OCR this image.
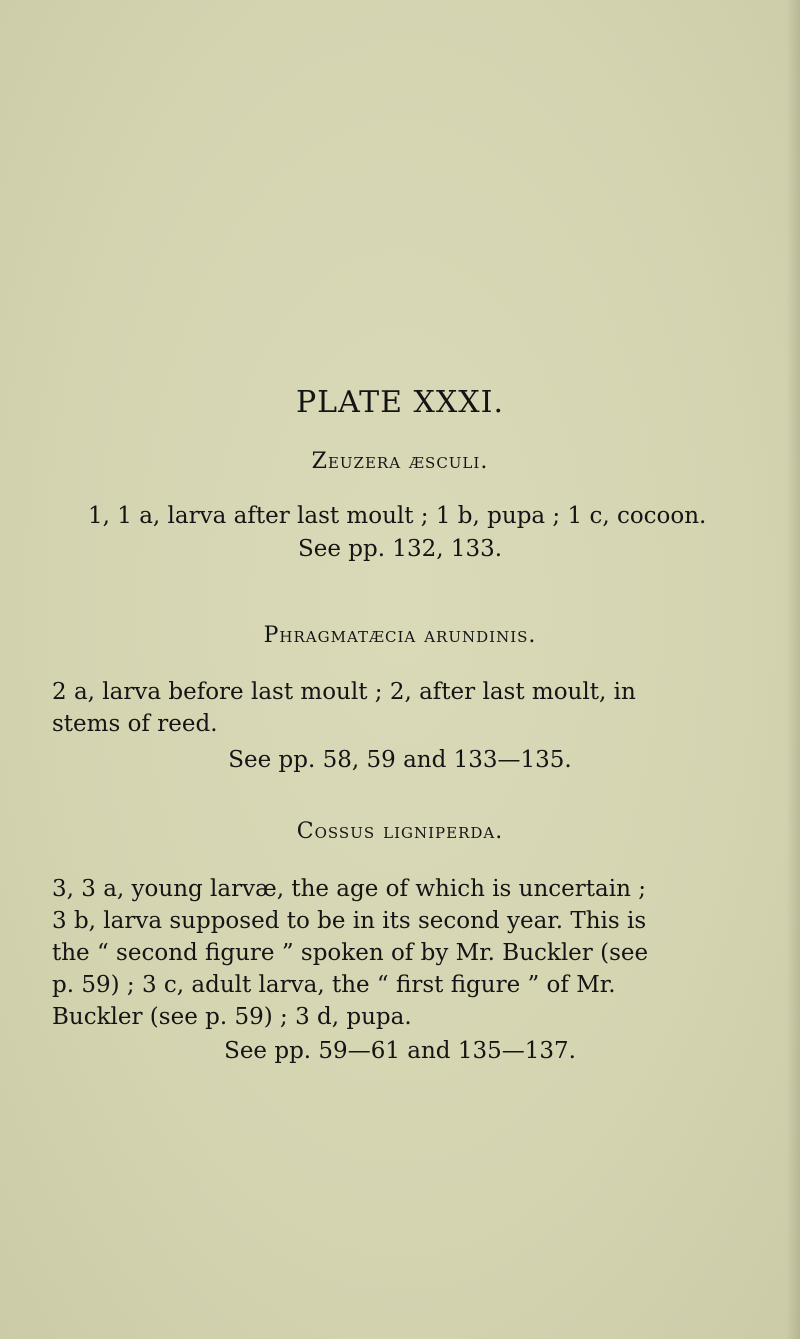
PLATE XXXI.
Zeuzera æsculi.
1, 1 a, larva after last moult ; 1 b, pupa ; 1 c, cocoon.
See pp. 132, 133.
Phragmatæcia arundinis.
2 a, larva before last moult ; 2, after last moult, in
stems of reed.
See pp. 58, 59 and 133—135.
Cossus ligniperda.
3, 3 a, young larvæ, the age of which is uncertain ;
3 b, larva supposed to be in its second year. This is
the “ second figure ” spoken of by Mr. Buckler (see
p. 59) ; 3 c, adult larva, the “ first figure ” of Mr.
Buckler (see p. 59) ; 3 d, pupa.
See pp. 59—61 and 135—137.
